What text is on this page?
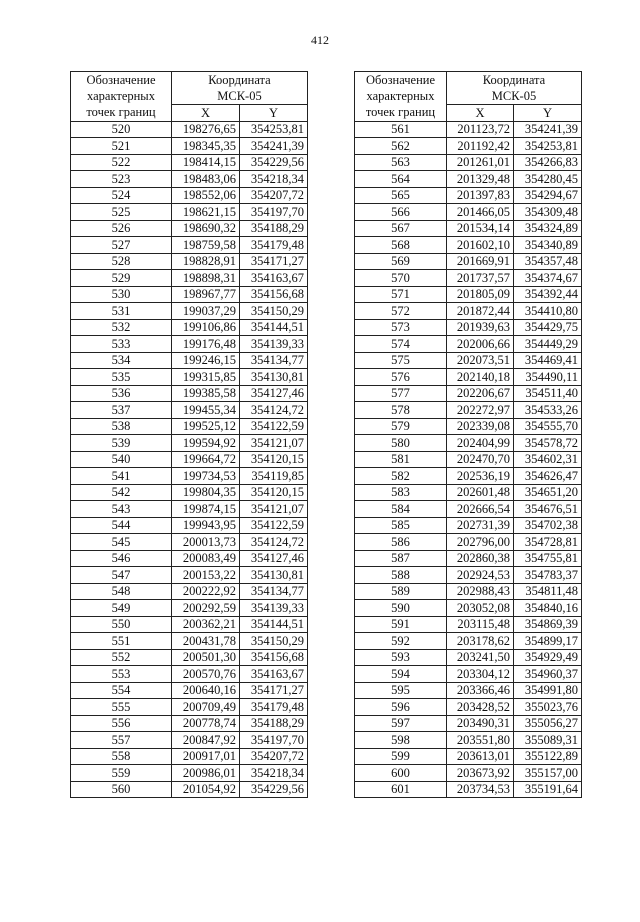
412
Обозначение
характерных
точек границ	Координата
МСК-05	
	X	Y
520	198276,65	354253,81
521	198345,35	354241,39
522	198414,15	354229,56
523	198483,06	354218,34
524	198552,06	354207,72
525	198621,15	354197,70
526	198690,32	354188,29
527	198759,58	354179,48
528	198828,91	354171,27
529	198898,31	354163,67
530	198967,77	354156,68
531	199037,29	354150,29
532	199106,86	354144,51
533	199176,48	354139,33
534	199246,15	354134,77
535	199315,85	354130,81
536	199385,58	354127,46
537	199455,34	354124,72
538	199525,12	354122,59
539	199594,92	354121,07
540	199664,72	354120,15
541	199734,53	354119,85
542	199804,35	354120,15
543	199874,15	354121,07
544	199943,95	354122,59
545	200013,73	354124,72
546	200083,49	354127,46
547	200153,22	354130,81
548	200222,92	354134,77
549	200292,59	354139,33
550	200362,21	354144,51
551	200431,78	354150,29
552	200501,30	354156,68
553	200570,76	354163,67
554	200640,16	354171,27
555	200709,49	354179,48
556	200778,74	354188,29
557	200847,92	354197,70
558	200917,01	354207,72
559	200986,01	354218,34
560	201054,92	354229,56
Обозначение
характерных
точек границ	Координата
МСК-05	
	X	Y
561	201123,72	354241,39
562	201192,42	354253,81
563	201261,01	354266,83
564	201329,48	354280,45
565	201397,83	354294,67
566	201466,05	354309,48
567	201534,14	354324,89
568	201602,10	354340,89
569	201669,91	354357,48
570	201737,57	354374,67
571	201805,09	354392,44
572	201872,44	354410,80
573	201939,63	354429,75
574	202006,66	354449,29
575	202073,51	354469,41
576	202140,18	354490,11
577	202206,67	354511,40
578	202272,97	354533,26
579	202339,08	354555,70
580	202404,99	354578,72
581	202470,70	354602,31
582	202536,19	354626,47
583	202601,48	354651,20
584	202666,54	354676,51
585	202731,39	354702,38
586	202796,00	354728,81
587	202860,38	354755,81
588	202924,53	354783,37
589	202988,43	354811,48
590	203052,08	354840,16
591	203115,48	354869,39
592	203178,62	354899,17
593	203241,50	354929,49
594	203304,12	354960,37
595	203366,46	354991,80
596	203428,52	355023,76
597	203490,31	355056,27
598	203551,80	355089,31
599	203613,01	355122,89
600	203673,92	355157,00
601	203734,53	355191,64
